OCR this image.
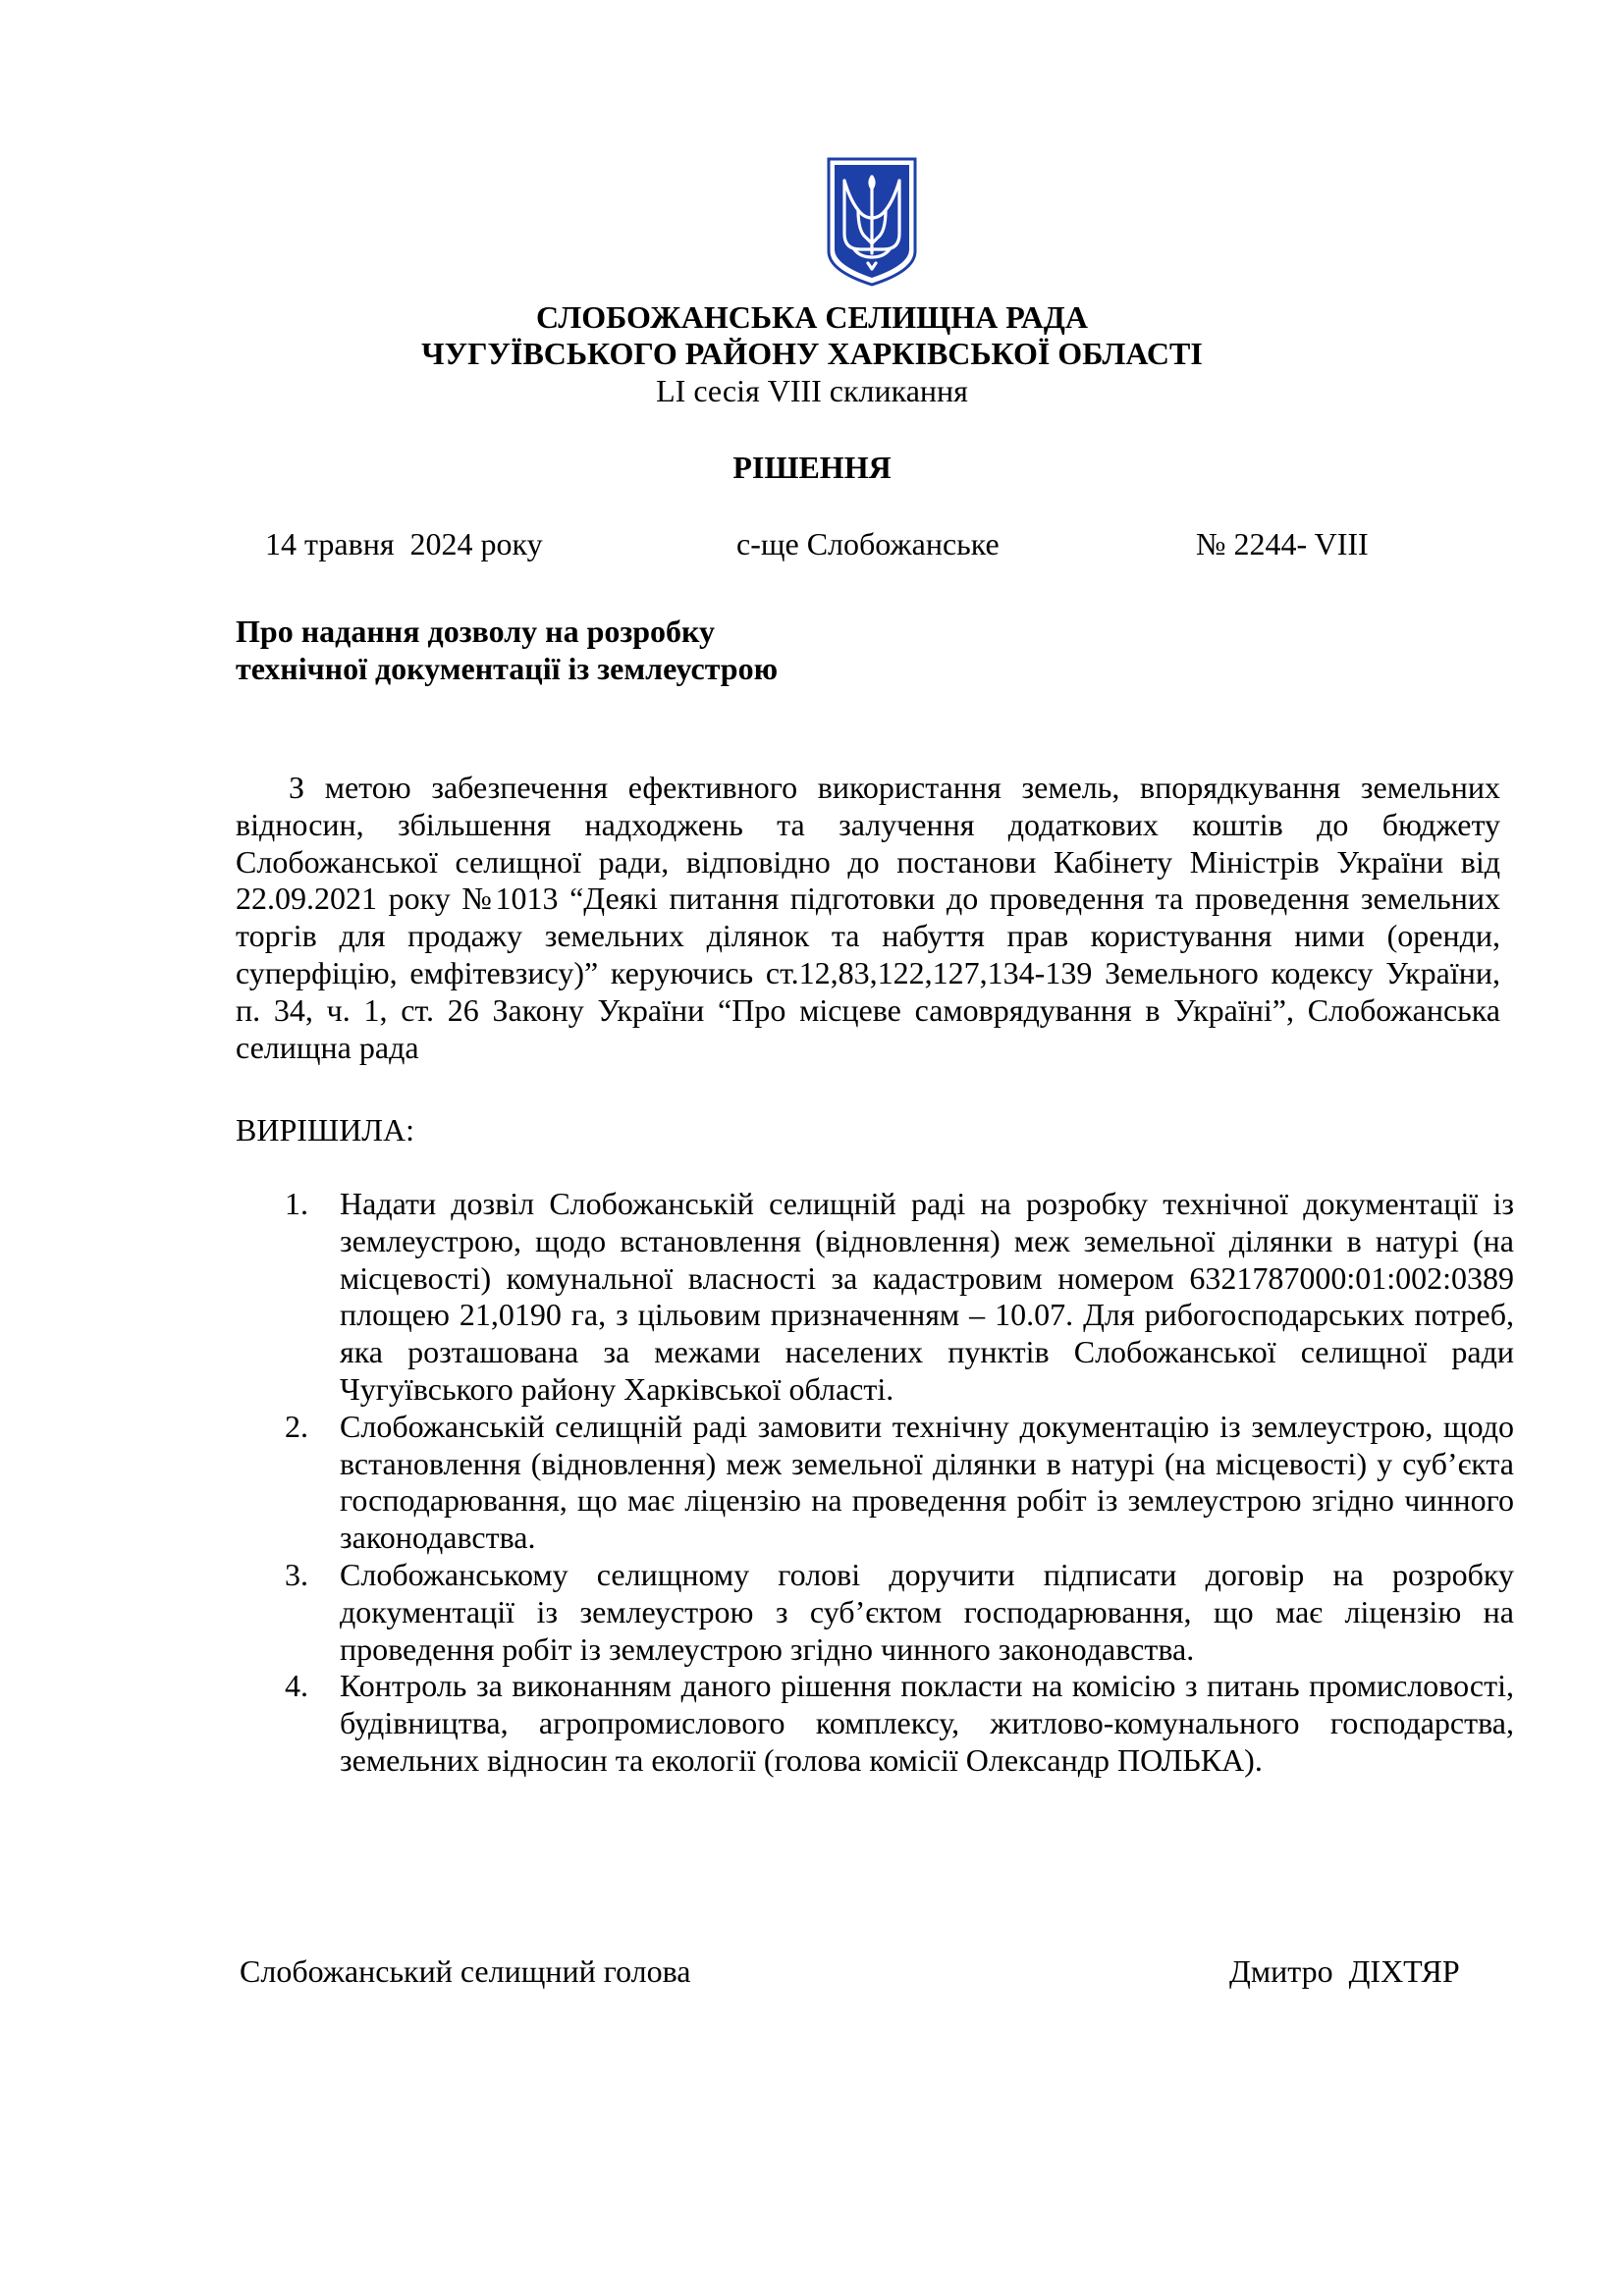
СЛОБОЖАНСЬКА СЕЛИЩНА РАДА
ЧУГУЇВСЬКОГО РАЙОНУ ХАРКІВСЬКОЇ ОБЛАСТІ
LI сесія VIII скликання
РІШЕННЯ
14 травня  2024 року	с-ще Слобожанське	№ 2244- VIII
Про надання дозволу на розробку
технічної документації із землеустрою

З метою забезпечення ефективного використання земель, впорядкування земельних відносин, збільшення надходжень та залучення додаткових коштів до бюджету Слобожанської селищної ради, відповідно до постанови Кабінету Міністрів України від 22.09.2021 року №1013 “Деякі питання підготовки до проведення та проведення земельних торгів для продажу земельних ділянок та набуття прав користування ними (оренди, суперфіцію, емфітевзису)” керуючись ст.12,83,122,127,134-139 Земельного кодексу України, п. 34, ч. 1, ст. 26 Закону України “Про місцеве самоврядування в Україні”, Слобожанська селищна рада

ВИРІШИЛА:
1. Надати дозвіл Слобожанській селищній раді на розробку технічної документації із землеустрою, щодо встановлення (відновлення) меж земельної ділянки в натурі (на місцевості) комунальної власності за кадастровим номером 6321787000:01:002:0389 площею 21,0190 га, з цільовим призначенням – 10.07. Для рибогосподарських потреб, яка розташована за межами населених пунктів Слобожанської селищної ради Чугуївського району Харківської області.
2. Слобожанській селищній раді замовити технічну документацію із землеустрою, щодо встановлення (відновлення) меж земельної ділянки в натурі (на місцевості) у суб’єкта господарювання, що має ліцензію на проведення робіт із землеустрою згідно чинного законодавства.
3. Слобожанському селищному голові доручити підписати договір на розробку документації із землеустрою з суб’єктом господарювання, що має ліцензію на проведення робіт із землеустрою згідно чинного законодавства.
4. Контроль за виконанням даного рішення покласти на комісію з питань промисловості, будівництва, агропромислового комплексу, житлово-комунального господарства, земельних відносин та екології (голова комісії Олександр ПОЛЬКА).
Слобожанський селищний голова	Дмитро  ДІХТЯР
